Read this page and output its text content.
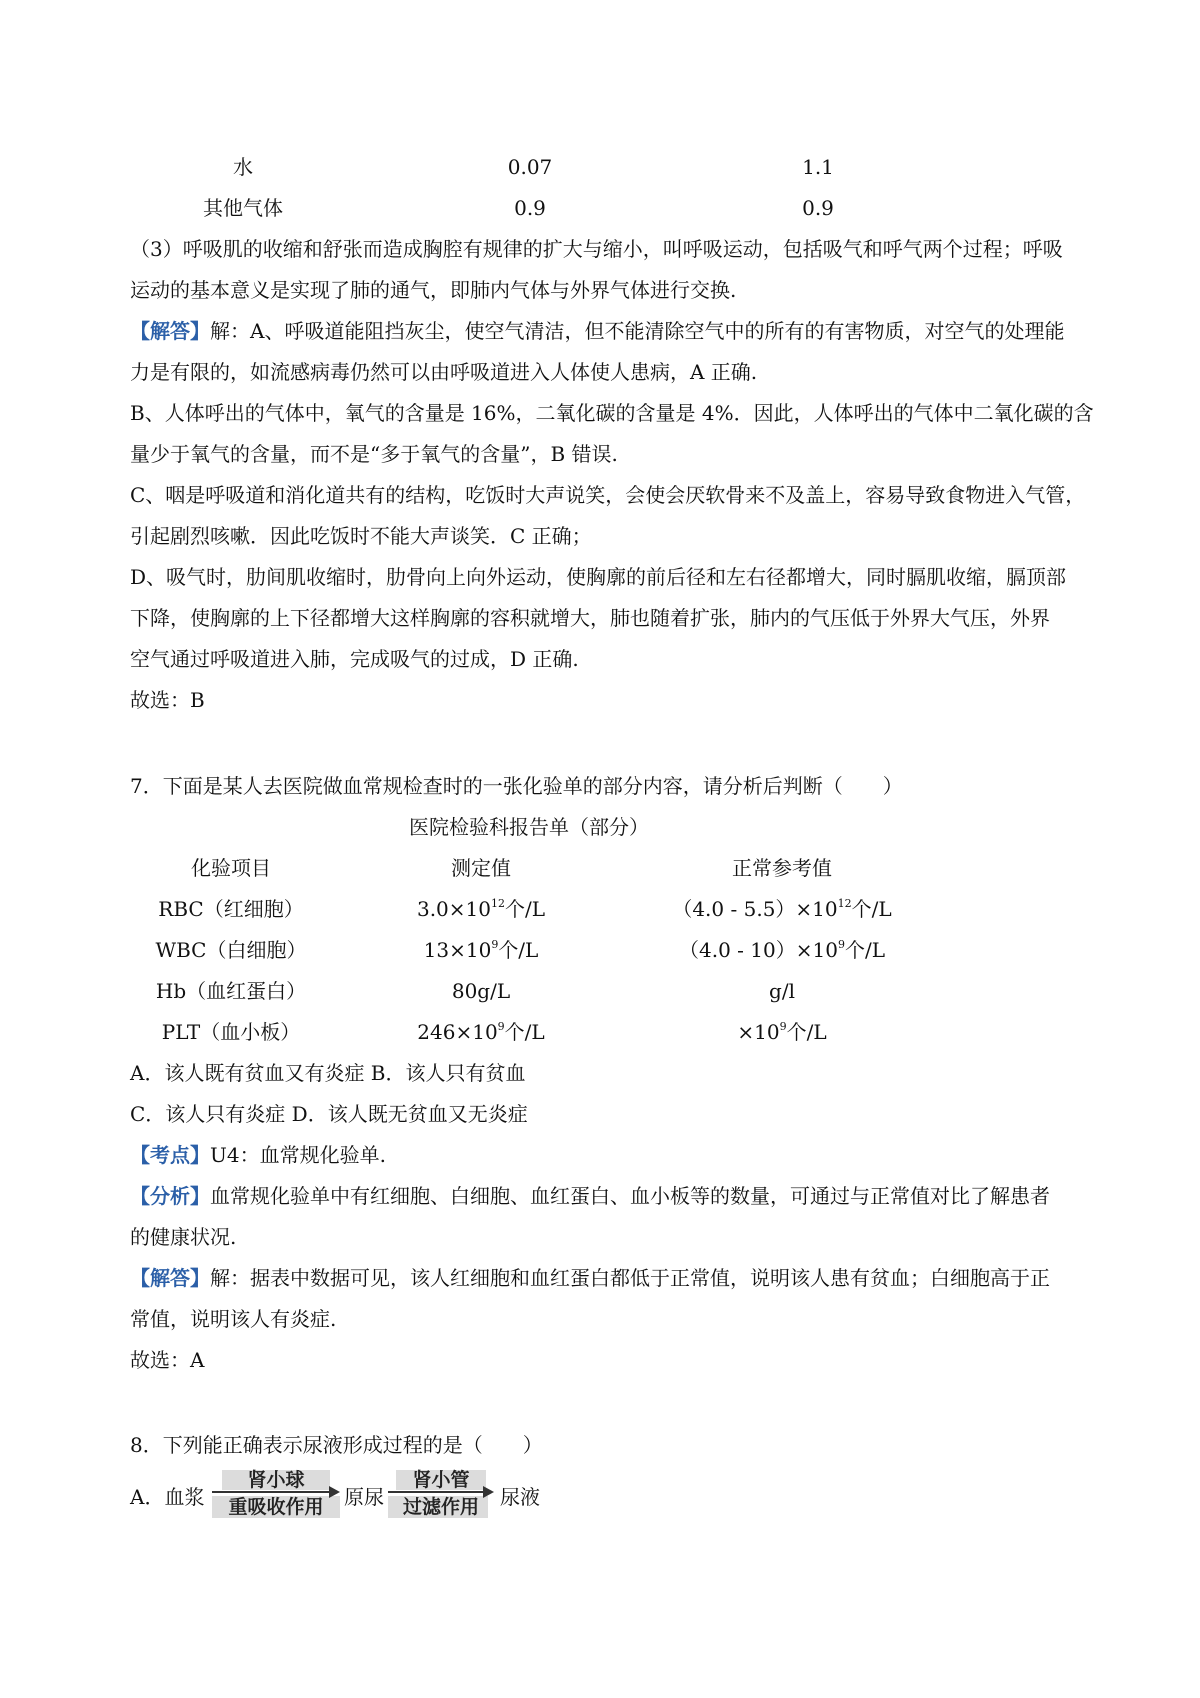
水	0.07	1.1
其他气体	0.9	0.9
（3）呼吸肌的收缩和舒张而造成胸腔有规律的扩大与缩小，叫呼吸运动，包括吸气和呼气两个过程；呼吸
运动的基本意义是实现了肺的通气，即肺内气体与外界气体进行交换.
【解答】解：A、呼吸道能阻挡灰尘，使空气清洁，但不能清除空气中的所有的有害物质，对空气的处理能
力是有限的，如流感病毒仍然可以由呼吸道进入人体使人患病，A 正确.
B、人体呼出的气体中，氧气的含量是 16%，二氧化碳的含量是 4%．因此，人体呼出的气体中二氧化碳的含
量少于氧气的含量，而不是“多于氧气的含量”，B 错误.
C、咽是呼吸道和消化道共有的结构，吃饭时大声说笑，会使会厌软骨来不及盖上，容易导致食物进入气管，
引起剧烈咳嗽．因此吃饭时不能大声谈笑．C 正确；
D、吸气时，肋间肌收缩时，肋骨向上向外运动，使胸廓的前后径和左右径都增大，同时膈肌收缩，膈顶部
下降，使胸廓的上下径都增大这样胸廓的容积就增大，肺也随着扩张，肺内的气压低于外界大气压，外界
空气通过呼吸道进入肺，完成吸气的过成，D 正确.
故选：B
7．下面是某人去医院做血常规检查时的一张化验单的部分内容，请分析后判断（　　）
医院检验科报告单（部分）
化验项目	测定值	正常参考值
RBC（红细胞）	$3.0\times 10^{12}$个/L	$(4.0 - 5.5)\times 10^{12}$个/L
WBC（白细胞）	$13\times 10^9$个/L	$(4.0 - 10)\times 10^9$个/L
Hb（血红蛋白）	80g/L	g/l
PLT（血小板）	$246\times 10^9$个/L	$\times 10^9$个/L
A．该人既有贫血又有炎症 B．该人只有贫血
C．该人只有炎症 D．该人既无贫血又无炎症
【考点】U4：血常规化验单.
【分析】血常规化验单中有红细胞、白细胞、血红蛋白、血小板等的数量，可通过与正常值对比了解患者
的健康状况.
【解答】解：据表中数据可见，该人红细胞和血红蛋白都低于正常值，说明该人患有贫血；白细胞高于正
常值，说明该人有炎症.
故选：A
8．下列能正确表示尿液形成过程的是（　　）
A．血浆
肾小球
重吸收作用	原尿
肾小管
过滤作用	尿液
